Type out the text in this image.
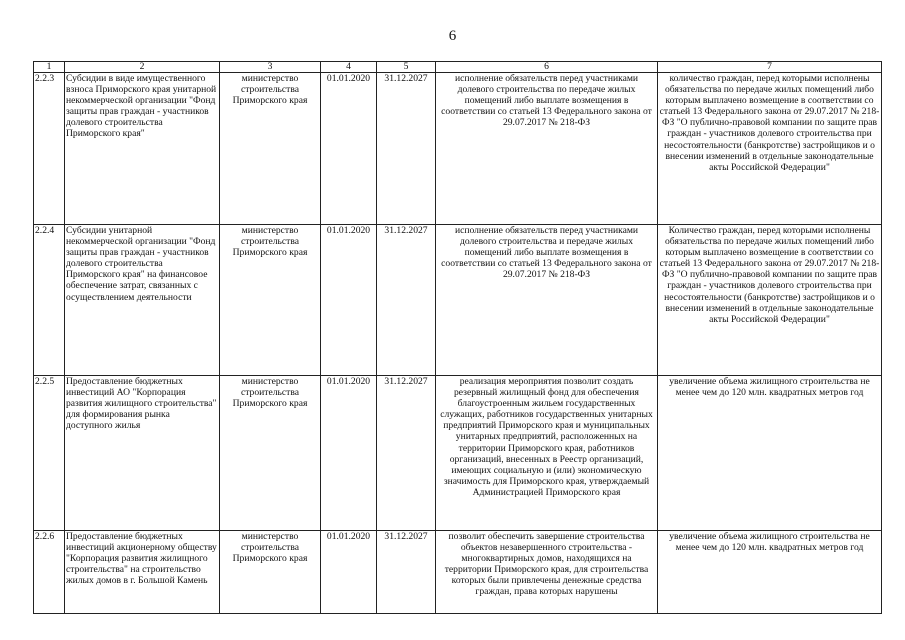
6
1	2	3	4	5	6	7
2.2.3	Субсидии в виде имущественного взноса Приморского края унитарной некоммерческой организации "Фонд защиты прав граждан - участников долевого строительства Приморского края"	министерство строительства Приморского края	01.01.2020	31.12.2027	исполнение обязательств перед участниками долевого строительства по передаче жилых помещений либо выплате возмещения в соответствии со статьей 13 Федерального закона от 29.07.2017 № 218-ФЗ	количество граждан, перед которыми исполнены обязательства по передаче жилых помещений либо которым выплачено возмещение в соответствии со статьей 13 Федерального закона от 29.07.2017 № 218-ФЗ "О публично-правовой компании по защите прав граждан - участников долевого строительства при несостоятельности (банкротстве) застройщиков и о внесении изменений в отдельные законодательные акты Российской Федерации"
2.2.4	Субсидии унитарной некоммерческой организации "Фонд защиты прав граждан - участников долевого строительства Приморского края" на финансовое обеспечение затрат, связанных с осуществлением деятельности	министерство строительства Приморского края	01.01.2020	31.12.2027	исполнение обязательств перед участниками долевого строительства и передаче жилых помещений либо выплате возмещения в соответствии со статьей 13 Федерального закона от 29.07.2017 № 218-ФЗ	Количество граждан, перед которыми исполнены обязательства по передаче жилых помещений либо которым выплачено возмещение в соответствии со статьей 13 Федерального закона от 29.07.2017 № 218-ФЗ "О публично-правовой компании по защите прав граждан - участников долевого строительства при несостоятельности (банкротстве) застройщиков и о внесении изменений в отдельные законодательные акты Российской Федерации"
2.2.5	Предоставление бюджетных инвестиций АО "Корпорация развития жилищного строительства" для формирования рынка доступного жилья	министерство строительства Приморского края	01.01.2020	31.12.2027	реализация мероприятия позволит создать резервный жилищный фонд для обеспечения благоустроенным жильем государственных служащих, работников государственных унитарных предприятий Приморского края и муниципальных унитарных предприятий, расположенных на территории Приморского края, работников организаций, внесенных в Реестр организаций, имеющих социальную и (или) экономическую значимость для Приморского края, утверждаемый Администрацией Приморского края	увеличение объема жилищного строительства не менее чем до 120 млн. квадратных метров год
2.2.6	Предоставление бюджетных инвестиций акционерному обществу "Корпорация развития жилищного строительства" на строительство жилых домов в г. Большой Камень	министерство строительства Приморского края	01.01.2020	31.12.2027	позволит обеспечить завершение строительства объектов незавершенного строительства - многоквартирных домов, находящихся на территории Приморского края, для строительства которых были привлечены денежные средства граждан, права которых нарушены	увеличение объема жилищного строительства не менее чем до 120 млн. квадратных метров год
